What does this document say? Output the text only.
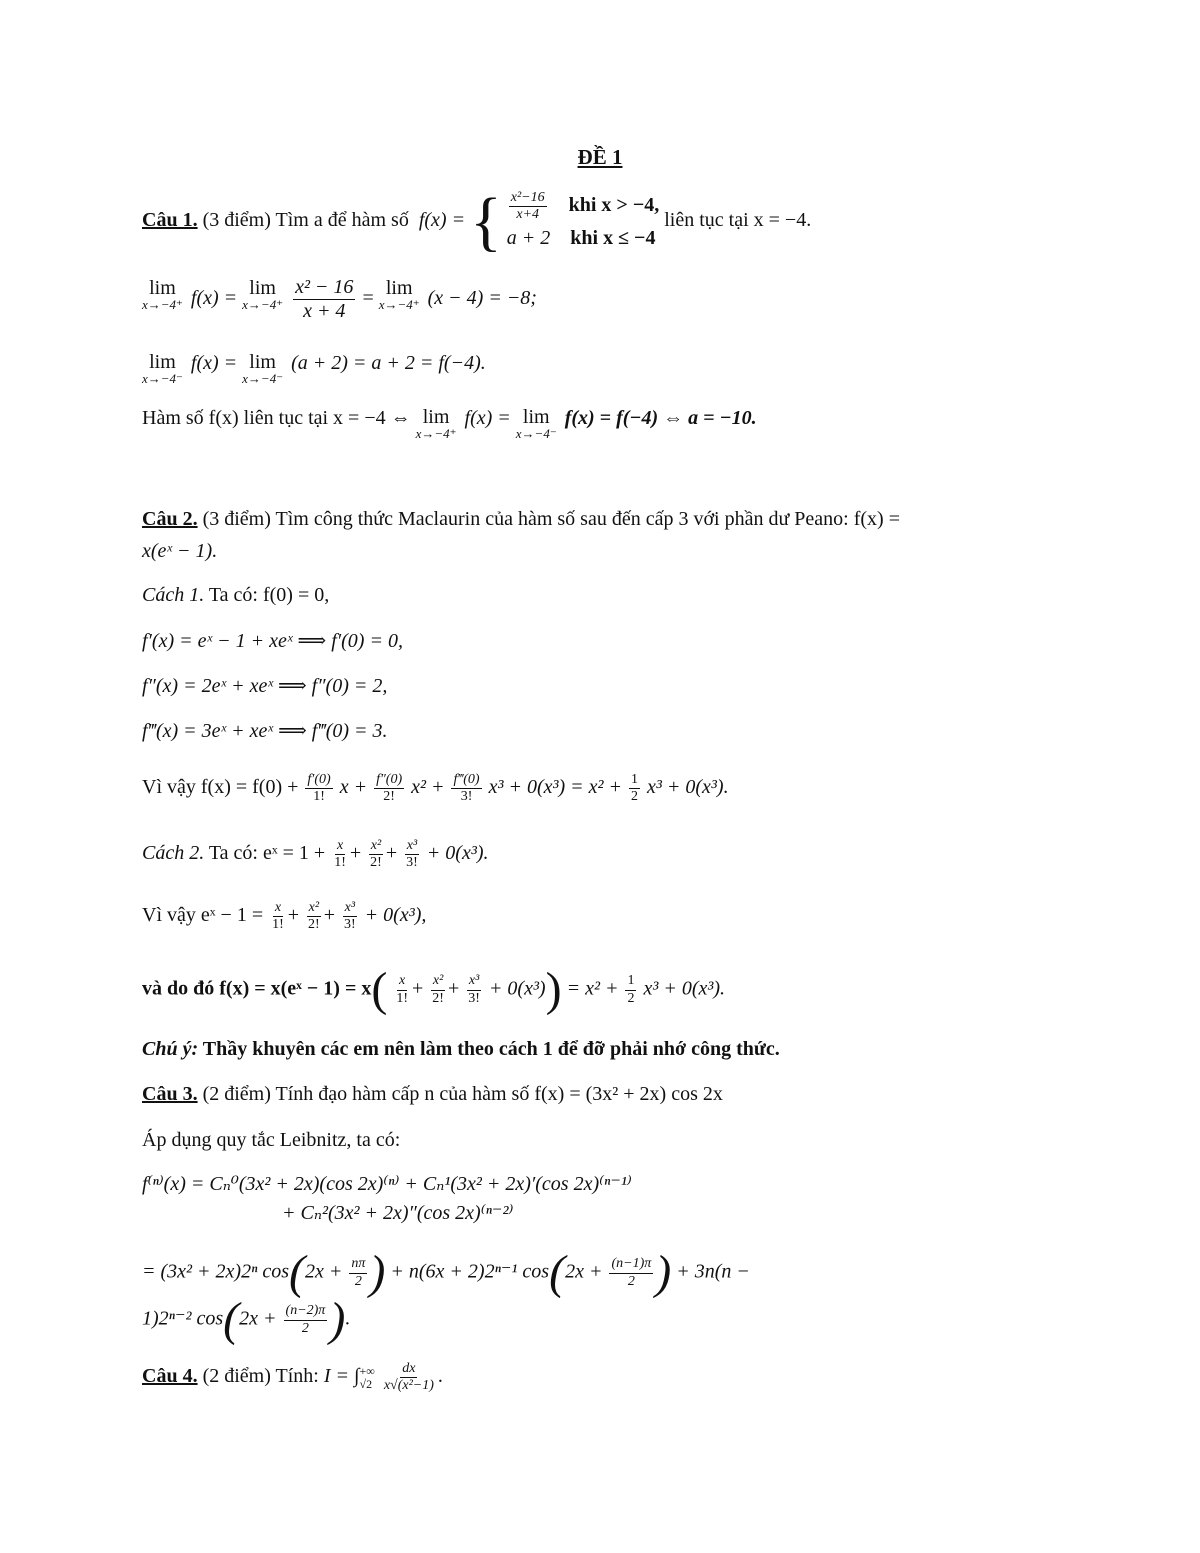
ĐỀ 1
Câu 1. (3 điểm) Tìm a để hàm số f(x) = { $\frac{\text{x²−16}}{x+4}$ khi x > −4,
a + 2 khi x ≤ −4
liên tục tại x = −4.
lim
x→−4⁺ f(x) = lim
x→−4⁺
$\frac{\text{x² − 16}}{x + 4} = \lim$
x→−4⁺ (x − 4) = −8;
lim
x→−4⁻
f(x) = lim
x→−4⁻
(a + 2) = a + 2 = f(−4).
Hàm số f(x) liên tục tại x = −4 ⇔ lim
x→−4⁺
f(x) = lim
x→−4⁻
f(x) = f(−4) ⇔ a = −10.
Câu 2. (3 điểm) Tìm công thức Maclaurin của hàm số sau đến cấp 3 với phần dư Peano: f(x) =
x(eˣ − 1).
Cách 1. Ta có: f(0) = 0,
f′(x) = eˣ − 1 + xeˣ ⟹ f′(0) = 0,
f″(x) = 2eˣ + xeˣ ⟹ f″(0) = 2,
f‴(x) = 3eˣ + xeˣ ⟹ f‴(0) = 3.
Vì vậy $f(x) = f(0) + \frac{f'(0)}{1!}$ $x + \frac{f''(0)}{2!} x^2 + \frac{f‴(0)}{3!} x^3 + 0(x^3) = x^2 + \frac{1}{2} x^3 + 0(x^3)$.
Cách 2. Ta có: eˣ = $1 + \frac{x}{1!} + \frac{\text{x²}}{2!} + \frac{\text{x³}}{3!} + 0(x^3)$.
Vì vậy eˣ − $1 = \frac{x}{1!} + \frac{\text{x²}}{2!} + \frac{\text{x³}}{3!} + 0(x^3)$,
và do đó f(x) = x(eˣ − $1) = x( \frac{x}{1!} + \frac{\text{x²}}{2!} + \frac{\text{x³}}{3!} + 0(x^3)) = x^2 + \frac{1}{2} x^3 + 0(x^3)$.
Chú ý: Thầy khuyên các em nên làm theo cách 1 để đỡ phải nhớ công thức.
Câu 3. (2 điểm) Tính đạo hàm cấp n của hàm số f(x) = (3x² + 2x) cos 2x
Áp dụng quy tắc Leibnitz, ta có:
f⁽ⁿ⁾(x) = Cₙ⁰(3x² + 2x)(cos 2x)⁽ⁿ⁾ + Cₙ¹(3x² + 2x)′(cos 2x)⁽ⁿ⁻¹⁾
+ Cₙ²(3x² + 2x)″(cos 2x)⁽ⁿ⁻²⁾
= (3x² + 2x)2ⁿ $\cos(2x + \frac{n\pi}{2}$ ) + n(6x + 2)2ⁿ⁻¹ $\cos(2x + \frac{(n-1)\pi}{2}$ ) + 3n(n −
1)2ⁿ⁻² $\cos(2x + \frac{(n-2)\pi}{2}$ ).
Câu 4. (2 điểm) Tính: I = ∫ +∞
√2
$\frac{dx}{\text{x√(x²−1)}}$ .
